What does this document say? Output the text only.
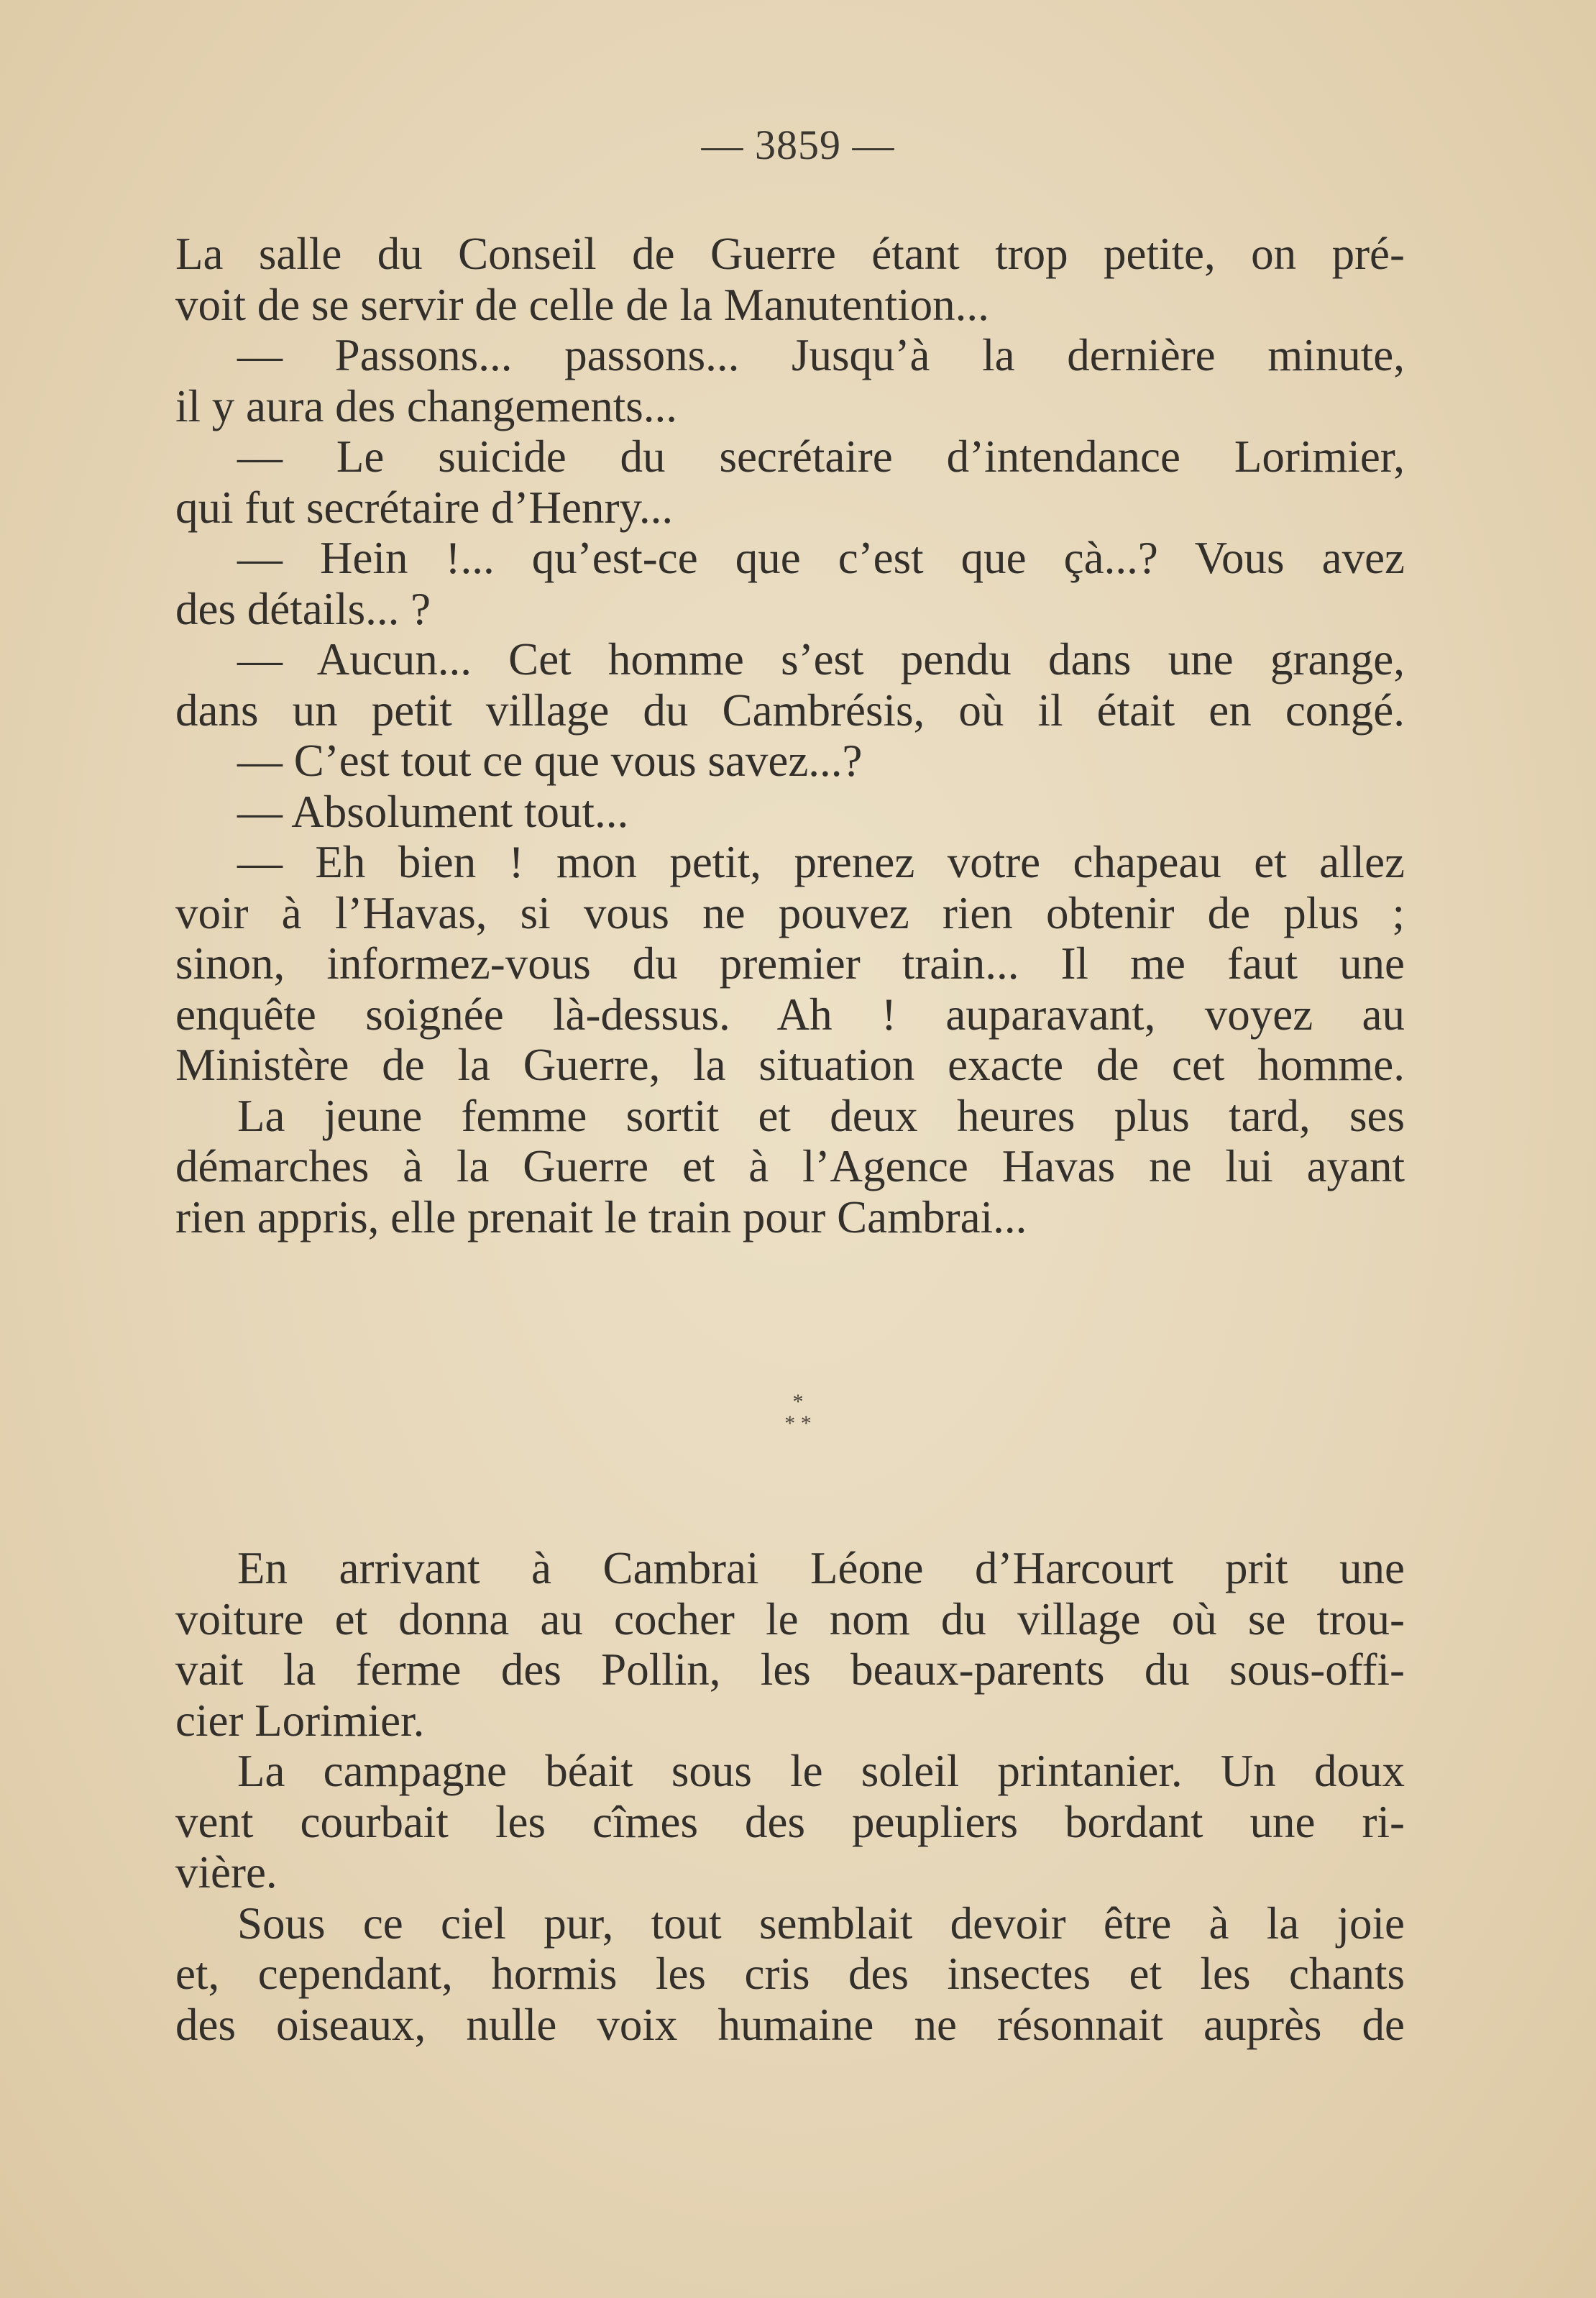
— 3859 —
La salle du Conseil de Guerre étant trop petite, on pré-
voit de se servir de celle de la Manutention...
— Passons... passons... Jusqu’à la dernière minute,
il y aura des changements...
— Le suicide du secrétaire d’intendance Lorimier,
qui fut secrétaire d’Henry...
— Hein !... qu’est-ce que c’est que çà...? Vous avez
des détails... ?
— Aucun... Cet homme s’est pendu dans une grange,
dans un petit village du Cambrésis, où il était en congé.
— C’est tout ce que vous savez...?
— Absolument tout...
— Eh bien ! mon petit, prenez votre chapeau et allez
voir à l’Havas, si vous ne pouvez rien obtenir de plus ;
sinon, informez-vous du premier train... Il me faut une
enquête soignée là-dessus. Ah ! auparavant, voyez au
Ministère de la Guerre, la situation exacte de cet homme.
La jeune femme sortit et deux heures plus tard, ses
démarches à la Guerre et à l’Agence Havas ne lui ayant
rien appris, elle prenait le train pour Cambrai...
*
* *
En arrivant à Cambrai Léone d’Harcourt prit une
voiture et donna au cocher le nom du village où se trou-
vait la ferme des Pollin, les beaux-parents du sous-offi-
cier Lorimier.
La campagne béait sous le soleil printanier. Un doux
vent courbait les cîmes des peupliers bordant une ri-
vière.
Sous ce ciel pur, tout semblait devoir être à la joie
et, cependant, hormis les cris des insectes et les chants
des oiseaux, nulle voix humaine ne résonnait auprès de
